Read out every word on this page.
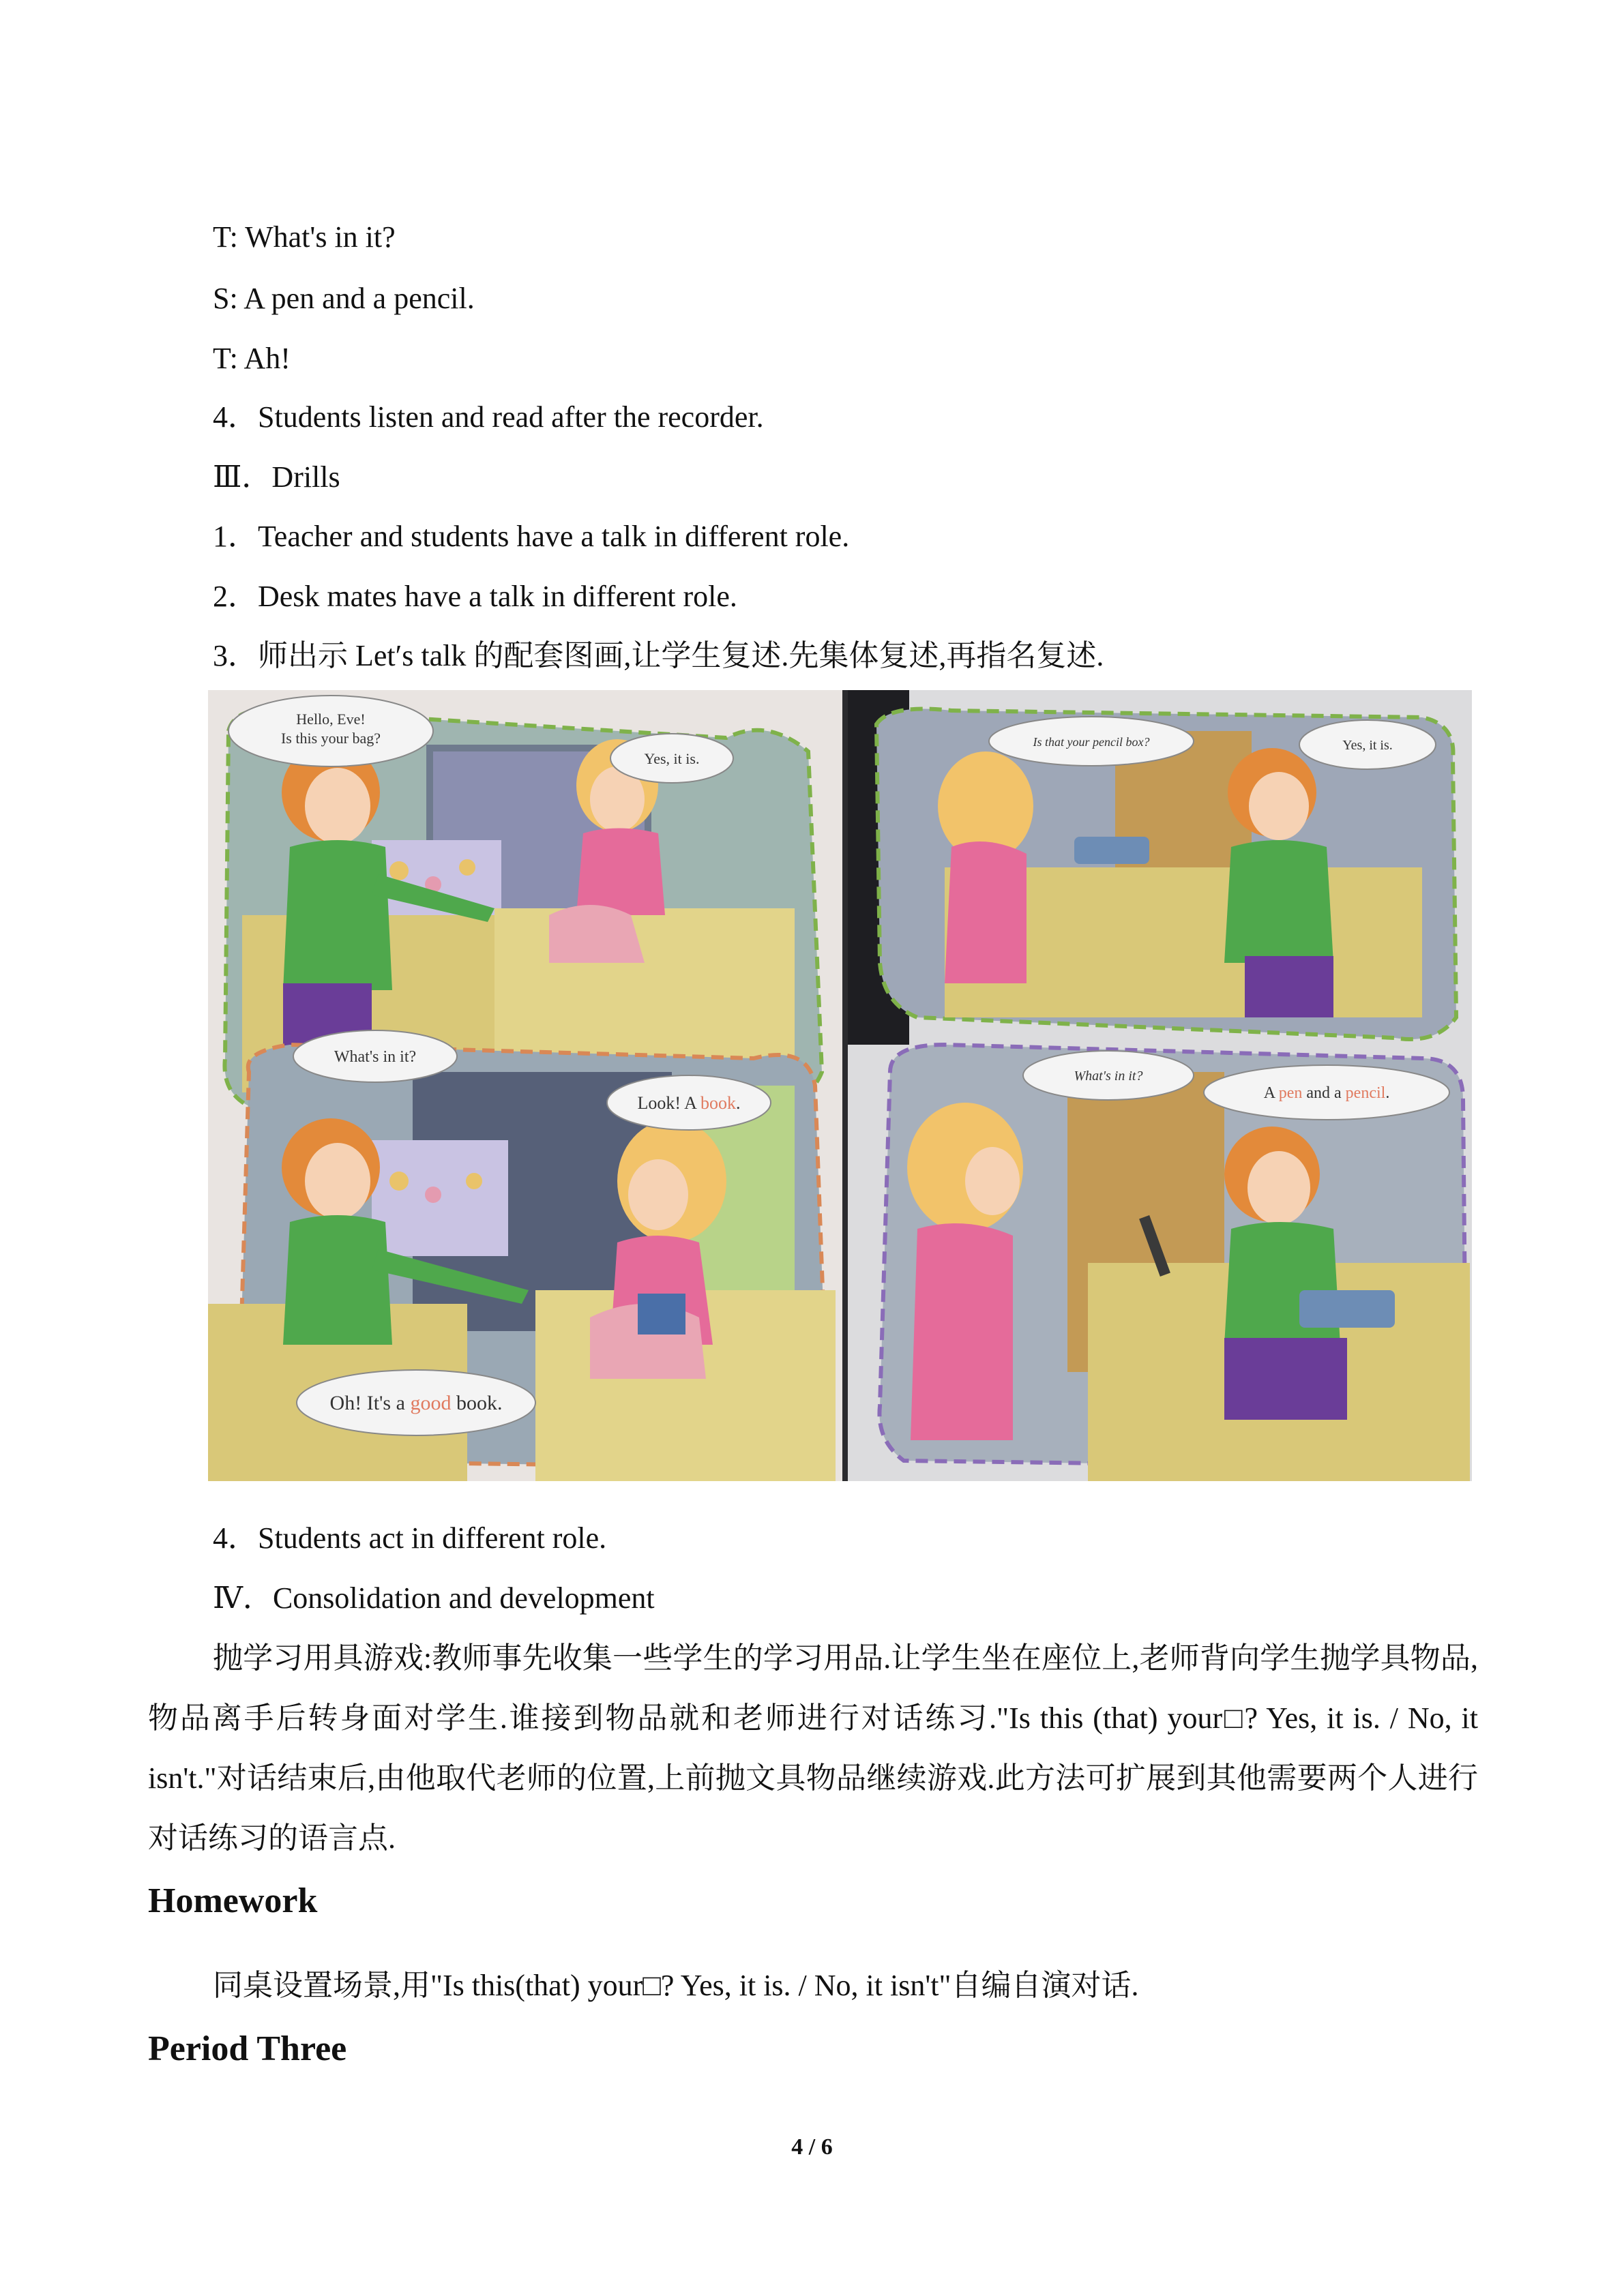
T: What's in it?
S: A pen and a pencil.
T: Ah!
4．Students listen and read after the recorder.
Ⅲ．Drills
1．Teacher and students have a talk in different role.
2．Desk mates have a talk in different role.
3．师出示 Let′s talk 的配套图画,让学生复述.先集体复述,再指名复述.
Hello, Eve!
Is this your bag?
Yes, it is.
What's in it?
Look! A book.
Oh! It's a good book.
Is that your pencil box?	Yes, it is.
What's in it?
A pen and a pencil.
4．Students act in different role.
Ⅳ．Consolidation and development
抛学习用具游戏:教师事先收集一些学生的学习用品.让学生坐在座位上,老师背向学生抛学具物品,物品离手后转身面对学生.谁接到物品就和老师进行对话练习."Is this (that) your□? Yes, it is. / No, it isn't."对话结束后,由他取代老师的位置,上前抛文具物品继续游戏.此方法可扩展到其他需要两个人进行对话练习的语言点.
Homework
同桌设置场景,用"Is this(that) your□? Yes, it is. / No, it isn't"自编自演对话.
Period Three
4 / 6
